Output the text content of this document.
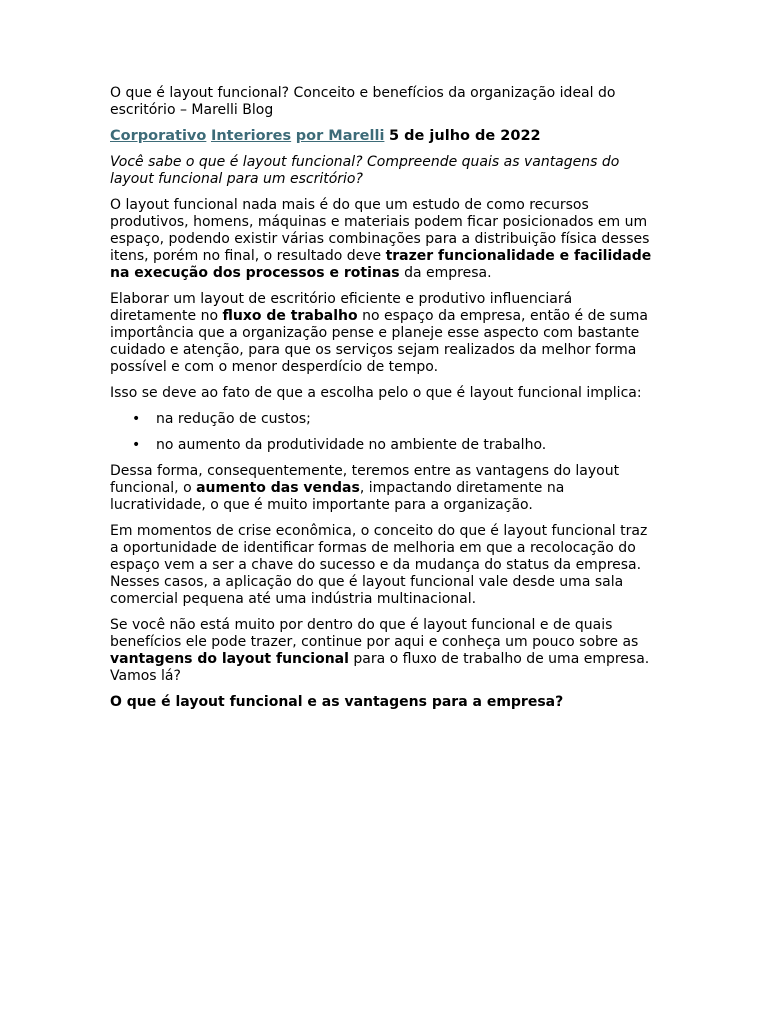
O que é layout funcional? Conceito e benefícios da organização ideal do escritório – Marelli Blog

Corporativo Interiores por Marelli 5 de julho de 2022

Você sabe o que é layout funcional? Compreende quais as vantagens do layout funcional para um escritório?

O layout funcional nada mais é do que um estudo de como recursos produtivos, homens, máquinas e materiais podem ficar posicionados em um espaço, podendo existir várias combinações para a distribuição física desses itens, porém no final, o resultado deve trazer funcionalidade e facilidade na execução dos processos e rotinas da empresa.

Elaborar um layout de escritório eficiente e produtivo influenciará diretamente no fluxo de trabalho no espaço da empresa, então é de suma importância que a organização pense e planeje esse aspecto com bastante cuidado e atenção, para que os serviços sejam realizados da melhor forma possível e com o menor desperdício de tempo.

Isso se deve ao fato de que a escolha pelo o que é layout funcional implica:

• na redução de custos;
• no aumento da produtividade no ambiente de trabalho.

Dessa forma, consequentemente, teremos entre as vantagens do layout funcional, o aumento das vendas, impactando diretamente na lucratividade, o que é muito importante para a organização.

Em momentos de crise econômica, o conceito do que é layout funcional traz a oportunidade de identificar formas de melhoria em que a recolocação do espaço vem a ser a chave do sucesso e da mudança do status da empresa. Nesses casos, a aplicação do que é layout funcional vale desde uma sala comercial pequena até uma indústria multinacional.

Se você não está muito por dentro do que é layout funcional e de quais benefícios ele pode trazer, continue por aqui e conheça um pouco sobre as vantagens do layout funcional para o fluxo de trabalho de uma empresa. Vamos lá?

O que é layout funcional e as vantagens para a empresa?
